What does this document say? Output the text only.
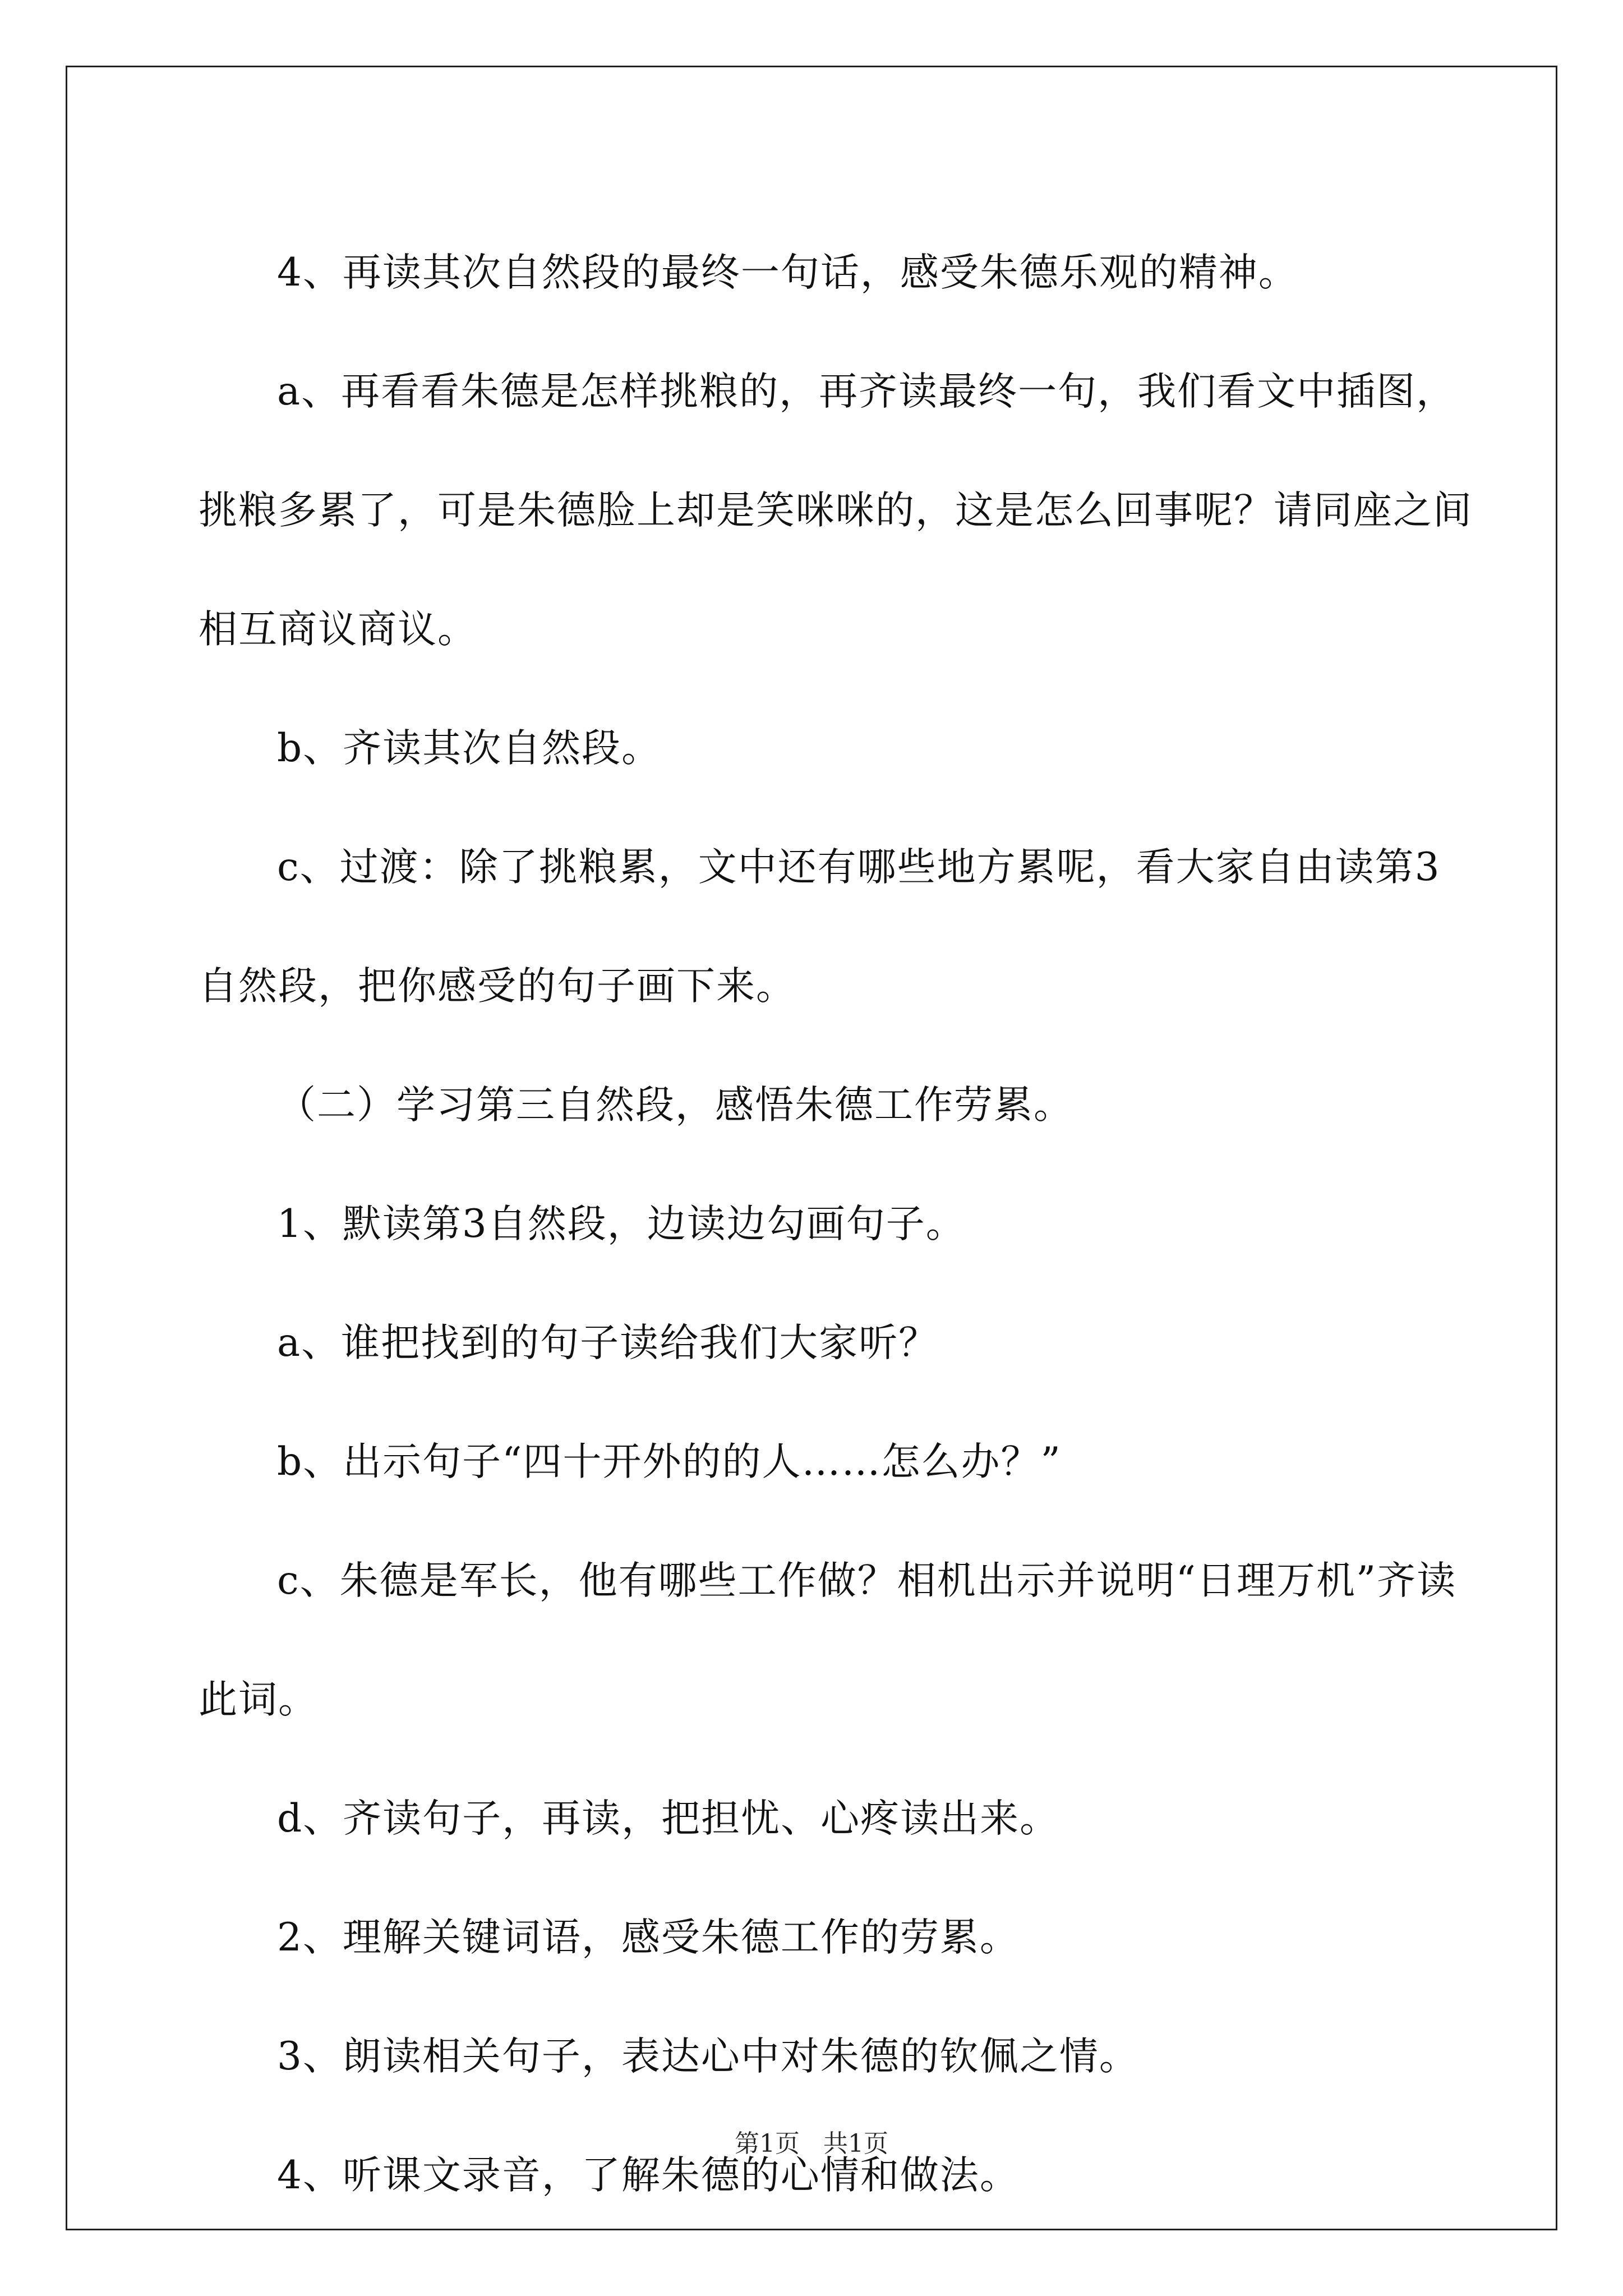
4、再读其次自然段的最终一句话，感受朱德乐观的精神。

a、再看看朱德是怎样挑粮的，再齐读最终一句，我们看文中插图，挑粮多累了，可是朱德脸上却是笑咪咪的，这是怎么回事呢？请同座之间相互商议商议。

b、齐读其次自然段。

c、过渡：除了挑粮累，文中还有哪些地方累呢，看大家自由读第3自然段，把你感受的句子画下来。

（二）学习第三自然段，感悟朱德工作劳累。

1、默读第3自然段，边读边勾画句子。

a、谁把找到的句子读给我们大家听？

b、出示句子“四十开外的的人……怎么办？”

c、朱德是军长，他有哪些工作做？相机出示并说明“日理万机”齐读此词。

d、齐读句子，再读，把担忧、心疼读出来。

2、理解关键词语，感受朱德工作的劳累。

3、朗读相关句子，表达心中对朱德的钦佩之情。

4、听课文录音，了解朱德的心情和做法。

第1页 共1页
